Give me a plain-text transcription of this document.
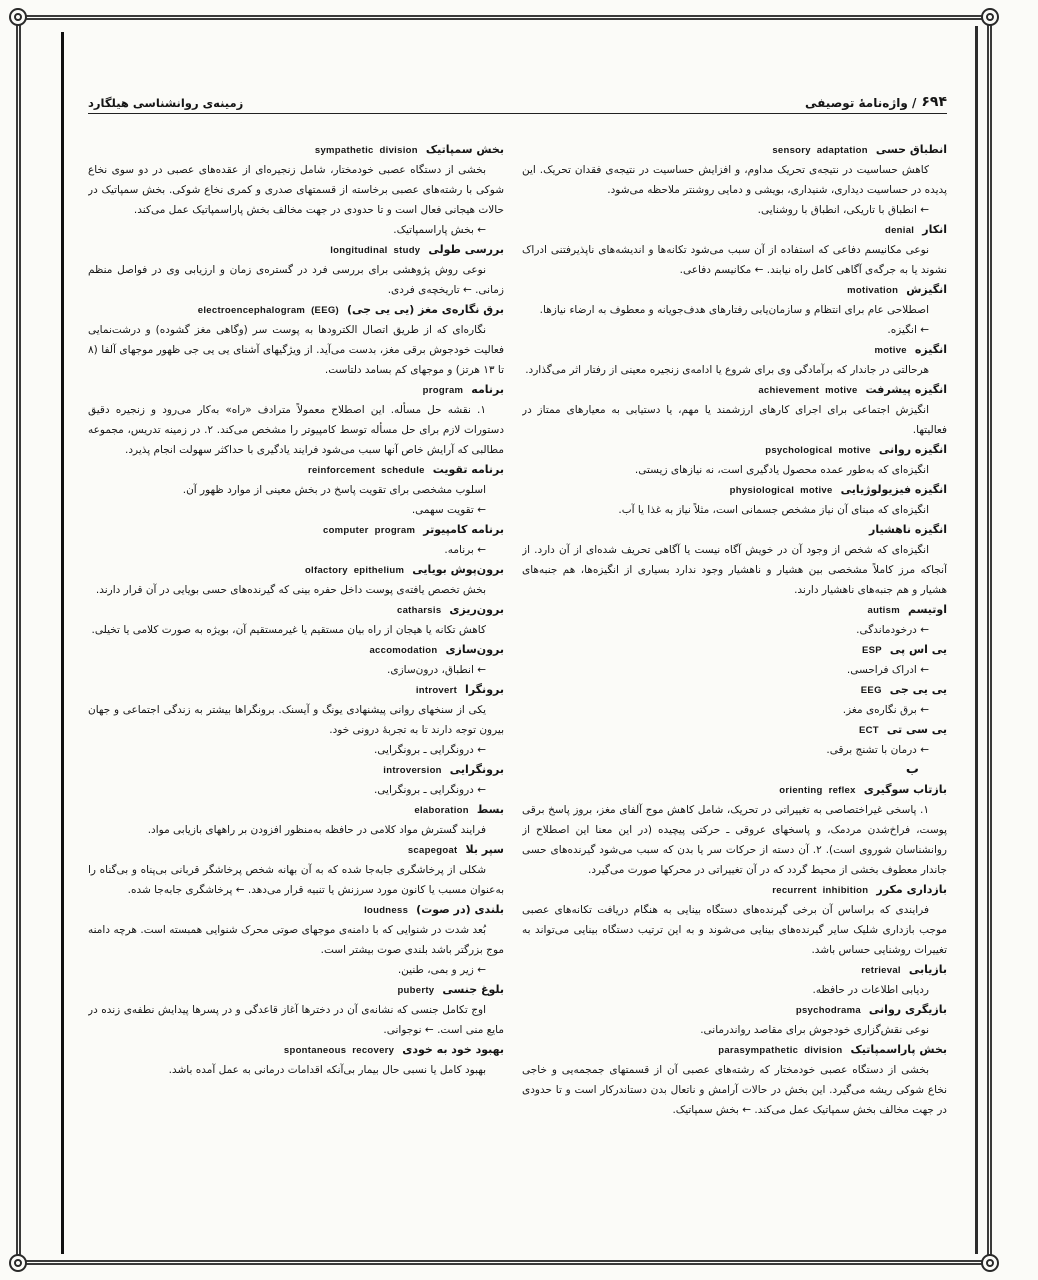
۶۹۴
/ واژه‌نامهٔ توصیفی
زمینه‌ی روانشناسی هیلگارد
انطباق حسی
sensory adaptation

کاهش حساسیت در نتیجه‌ی تحریک مداوم، و افزایش حساسیت در نتیجه‌ی فقدان تحریک. این پدیده در حساسیت دیداری، شنیداری، بویشی و دمایی روشنتر ملاحظه می‌شود.

← انطباق با تاریکی، انطباق با روشنایی.

انکار
denial

نوعی مکانیسم دفاعی که استفاده از آن سبب می‌شود تکانه‌ها و اندیشه‌های ناپذیرفتنی ادراک نشوند یا به جرگه‌ی آگاهی کامل راه نیابند. ← مکانیسم دفاعی.

انگیزش
motivation

اصطلاحی عام برای انتظام و سازمان‌یابی رفتارهای هدف‌جویانه و معطوف به ارضاء نیازها.

← انگیزه.

انگیزه
motive

هرحالتی در جاندار که برآمادگی وی برای شروع یا ادامه‌ی زنجیره معینی از رفتار اثر می‌گذارد.

انگیزه پیشرفت
achievement motive

انگیزش اجتماعی برای اجرای کارهای ارزشمند یا مهم، یا دستیابی به معیارهای ممتاز در فعالیتها.

انگیزه روانی
psychological motive

انگیزه‌ای که به‌طور عمده محصول یادگیری است، نه نیازهای زیستی.

انگیزه فیزیولوژیایی
physiological motive

انگیزه‌ای که مبنای آن نیاز مشخص جسمانی است، مثلاً نیاز به غذا یا آب.

انگیزه ناهشیار

انگیزه‌ای که شخص از وجود آن در خویش آگاه نیست یا آگاهی تحریف شده‌ای از آن دارد. از آنجاکه مرز کاملاً مشخصی بین هشیار و ناهشیار وجود ندارد بسیاری از انگیزه‌ها، هم جنبه‌های هشیار و هم جنبه‌های ناهشیار دارند.

اوتیسم
autism

← درخودماندگی.

یی اس پی
ESP

← ادراک فراحسی.

یی یی جی
EEG

← برق نگاره‌ی مغز.

یی سی تی
ECT

← درمان با تشنج برقی.

ب
بازتاب سوگیری
orienting reflex

۱. پاسخی غیراختصاصی به تغییراتی در تحریک، شامل کاهش موج آلفای مغز، بروز پاسخ برقی پوست، فراخ‌شدن مردمک، و پاسخهای عروقی ـ حرکتی پیچیده (در این معنا این اصطلاح از روانشناسان شوروی است). ۲. آن دسته از حرکات سر یا بدن که سبب می‌شود گیرنده‌های حسی جاندار معطوف بخشی از محیط گردد که در آن تغییراتی در محرکها صورت می‌گیرد.

بازداری مکرر
recurrent inhibition

فرایندی که براساس آن برخی گیرنده‌های دستگاه بینایی به هنگام دریافت تکانه‌های عصبی موجب بازداری شلیک سایر گیرنده‌های بینایی می‌شوند و به این ترتیب دستگاه بینایی می‌تواند به تغییرات روشنایی حساس باشد.

بازیابی
retrieval

ردیابی اطلاعات در حافظه.

بازیگری روانی
psychodrama

نوعی نقش‌گزاری خودجوش برای مقاصد رواندرمانی.

بخش پاراسمپاتیک
parasympathetic division

بخشی از دستگاه عصبی خودمختار که رشته‌های عصبی آن از قسمتهای جمجمه‌یی و خاجی نخاع شوکی ریشه می‌گیرد. این بخش در حالات آرامش و ناتعال بدن دستاندرکار است و تا حدودی در جهت مخالف بخش سمپاتیک عمل می‌کند. ← بخش سمپاتیک.

بخش سمپاتیک
sympathetic division

بخشی از دستگاه عصبی خودمختار، شامل زنجیره‌ای از عقده‌های عصبی در دو سوی نخاع شوکی با رشته‌های عصبی برخاسته از قسمتهای صدری و کمری نخاع شوکی. بخش سمپاتیک در حالات هیجانی فعال است و تا حدودی در جهت مخالف بخش پاراسمپاتیک عمل می‌کند.

← بخش پاراسمپاتیک.

بررسی طولی
longitudinal study

نوعی روش پژوهشی برای بررسی فرد در گستره‌ی زمان و ارزیابی وی در فواصل منظم زمانی. ← تاریخچه‌ی فردی.

برق نگاره‌ی مغز (یی یی جی)
electroencephalogram (EEG)

نگاره‌ای که از طریق اتصال الکترودها به پوست سر (وگاهی مغز گشوده) و درشت‌نمایی فعالیت خودجوش برقی مغز، بدست می‌آید. از ویژگیهای آشنای یی یی جی ظهور موجهای آلفا (۸ تا ۱۳ هرتز) و موجهای کم بسامد دلتاست.

برنامه
program

۱. نقشه حل مسأله. این اصطلاح معمولاً مترادف «راه» به‌کار می‌رود و زنجیره دقیق دستورات لازم برای حل مسأله توسط کامپیوتر را مشخص می‌کند. ۲. در زمینه تدریس، مجموعه مطالبی که آرایش خاص آنها سبب می‌شود فرایند یادگیری با حداکثر سهولت انجام پذیرد.

برنامه تقویت
reinforcement schedule

اسلوب مشخصی برای تقویت پاسخ در بخش معینی از موارد ظهور آن.

← تقویت سهمی.

برنامه کامپیوتر
computer program

← برنامه.

برون‌پوش بویایی
olfactory epithelium

بخش تخصص یافته‌ی پوست داخل حفره بینی که گیرنده‌های حسی بویایی در آن قرار دارند.

برون‌ریزی
catharsis

کاهش تکانه یا هیجان از راه بیان مستقیم یا غیرمستقیم آن، بویژه به صورت کلامی یا تخیلی.

برون‌سازی
accomodation

← انطباق، درون‌سازی.

برونگرا
introvert

یکی از سنخهای روانی پیشنهادی یونگ و آیسنک. برونگراها بیشتر به زندگی اجتماعی و جهان بیرون توجه دارند تا به تجربهٔ درونی خود.

← درونگرایی ـ برونگرایی.

برونگرایی
introversion

← درونگرایی ـ برونگرایی.

بسط
elaboration

فرایند گسترش مواد کلامی در حافظه به‌منظور افزودن بر راههای بازیابی مواد.

سپر بلا
scapegoat

شکلی از پرخاشگری جابه‌جا شده که به آن بهانه شخص پرخاشگر قربانی بی‌پناه و بی‌گناه را به‌عنوان مسبب یا کانون مورد سرزنش یا تنبیه قرار می‌دهد. ← پرخاشگری جابه‌جا شده.

بلندی (در صوت)
loudness

بُعد شدت در شنوایی که با دامنه‌ی موجهای صوتی محرک شنوایی همبسته است. هرچه دامنه موج بزرگتر باشد بلندی صوت بیشتر است.

← زیر و بمی، طنین.

بلوغ جنسی
puberty

اوج تکامل جنسی که نشانه‌ی آن در دخترها آغاز قاعدگی و در پسرها پیدایش نطفه‌ی زنده در مایع منی است. ← نوجوانی.

بهبود خود به خودی
spontaneous recovery

بهبود کامل یا نسبی حال بیمار بی‌آنکه اقدامات درمانی به عمل آمده باشد.
